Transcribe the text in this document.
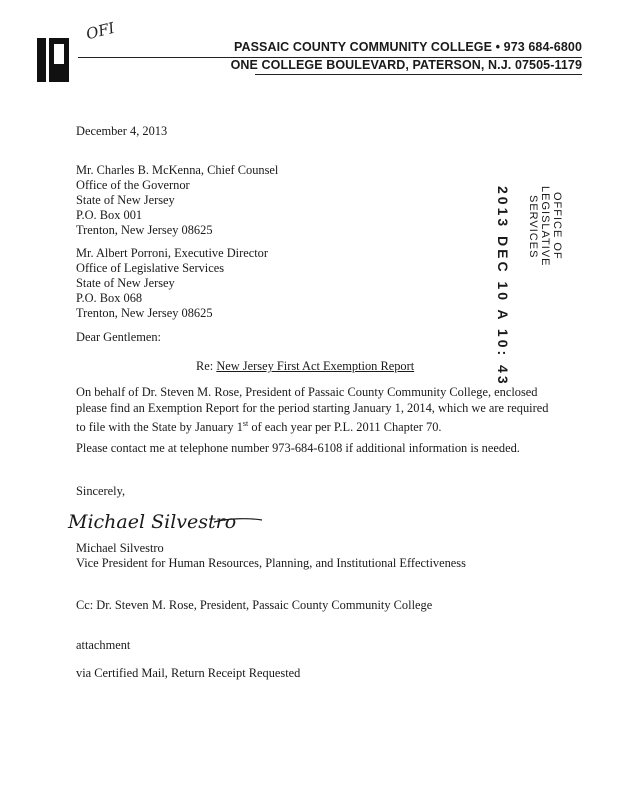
OFI
PASSAIC COUNTY COMMUNITY COLLEGE • 973 684-6800
ONE COLLEGE BOULEVARD, PATERSON, N.J. 07505-1179
December 4, 2013
Mr. Charles B. McKenna, Chief Counsel
Office of the Governor
State of New Jersey
P.O. Box 001
Trenton, New Jersey 08625
Mr. Albert Porroni, Executive Director
Office of Legislative Services
State of New Jersey
P.O. Box 068
Trenton, New Jersey 08625	2013 DEC 10 A 10: 43	OFFICE OF
LEGISLATIVE
SERVICES
Dear Gentlemen:
Re: New Jersey First Act Exemption Report
On behalf of Dr. Steven M. Rose, President of Passaic County Community College, enclosed
please find an Exemption Report for the period starting January 1, 2014, which we are required
to file with the State by January 1st of each year per P.L. 2011 Chapter 70.
Please contact me at telephone number 973-684-6108 if additional information is needed.
Sincerely,
Michael Silvestro
Michael Silvestro
Vice President for Human Resources, Planning, and Institutional Effectiveness
Cc: Dr. Steven M. Rose, President, Passaic County Community College
attachment
via Certified Mail, Return Receipt Requested
